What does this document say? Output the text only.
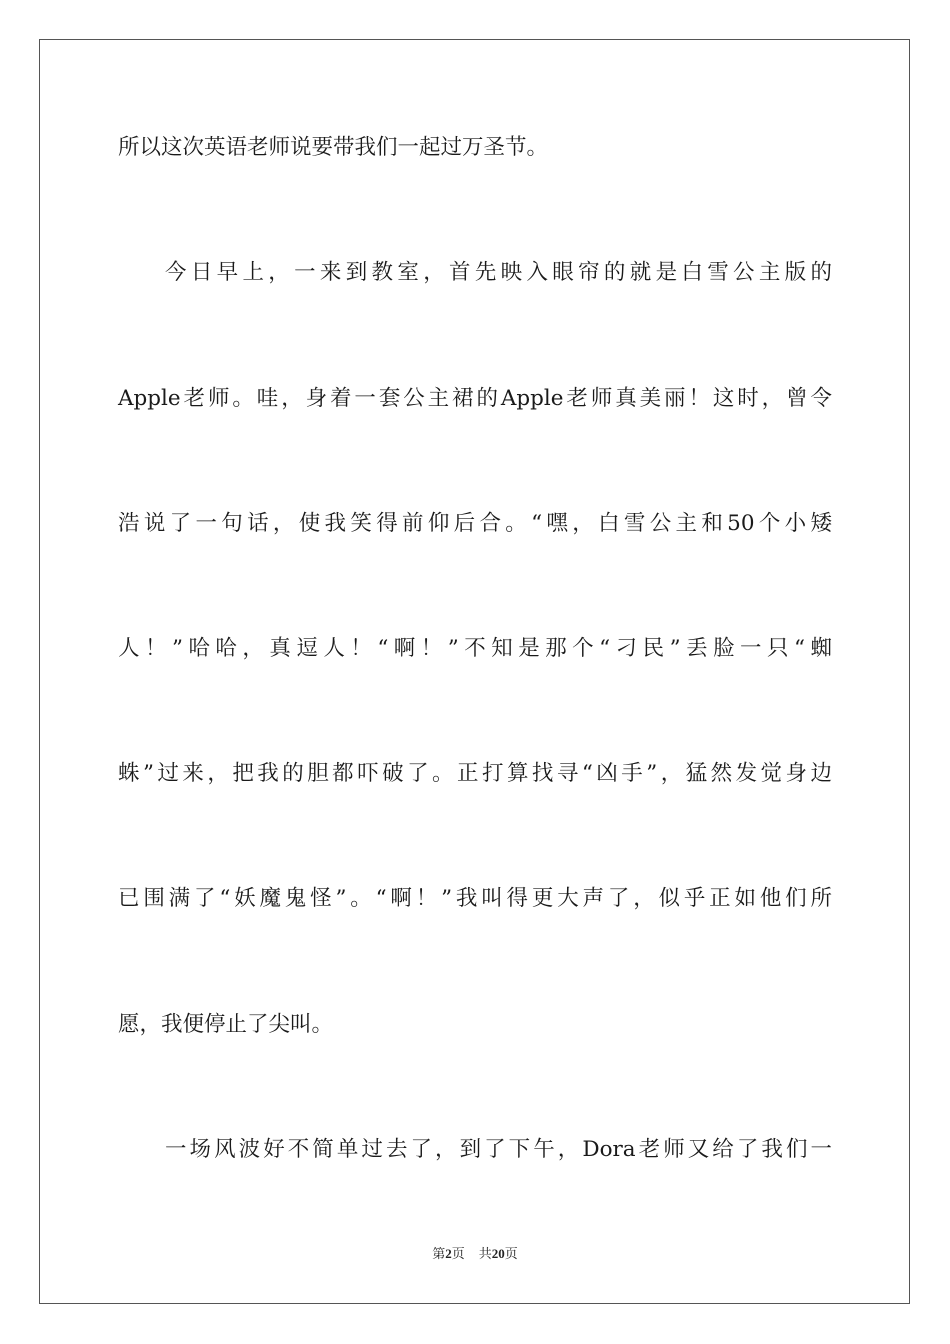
所以这次英语老师说要带我们一起过万圣节。
今日早上，一来到教室，首先映入眼帘的就是白雪公主版的
Apple老师。哇，身着一套公主裙的Apple老师真美丽！这时，曾令
浩说了一句话，使我笑得前仰后合。“嘿，白雪公主和50个小矮
人！”哈哈，真逗人！“啊！”不知是那个“刁民”丢脸一只“蜘
蛛”过来，把我的胆都吓破了。正打算找寻“凶手”，猛然发觉身边
已围满了“妖魔鬼怪”。“啊！”我叫得更大声了，似乎正如他们所
愿，我便停止了尖叫。
一场风波好不简单过去了，到了下午，Dora老师又给了我们一
第2页 共20页
